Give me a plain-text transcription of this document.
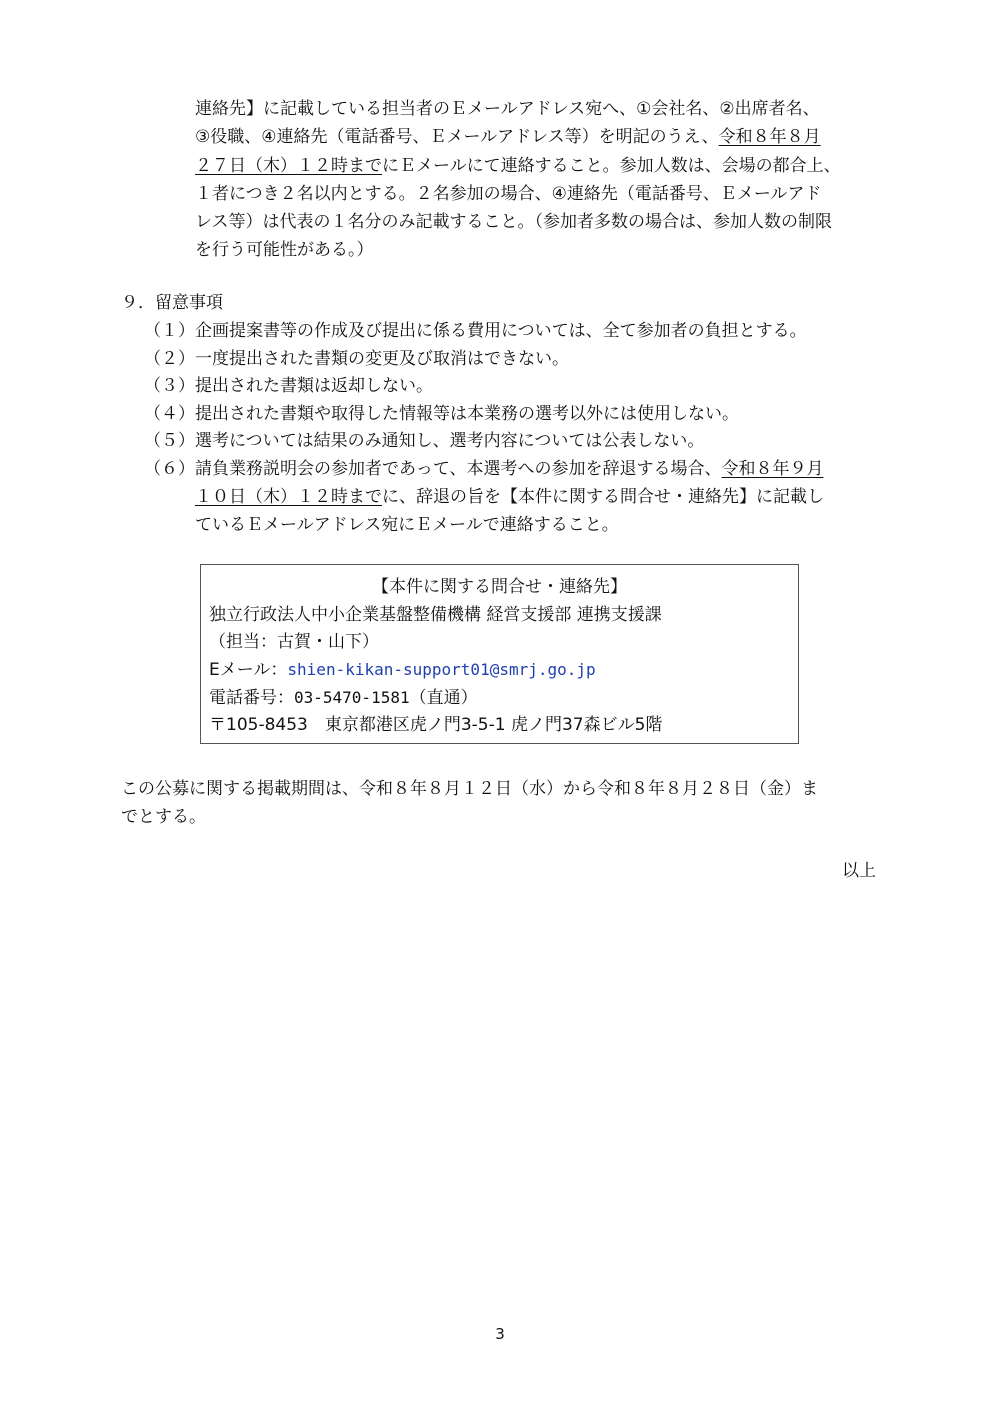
連絡先】に記載している担当者のＥメールアドレス宛へ、①会社名、②出席者名、
③役職、④連絡先（電話番号、Ｅメールアドレス等）を明記のうえ、令和８年８月
２７日（木）１２時までにＥメールにて連絡すること。参加人数は、会場の都合上、
１者につき２名以内とする。２名参加の場合、④連絡先（電話番号、Ｅメールアド
レス等）は代表の１名分のみ記載すること。（参加者多数の場合は、参加人数の制限
を行う可能性がある。）
９．留意事項
（１）企画提案書等の作成及び提出に係る費用については、全て参加者の負担とする。
（２）一度提出された書類の変更及び取消はできない。
（３）提出された書類は返却しない。
（４）提出された書類や取得した情報等は本業務の選考以外には使用しない。
（５）選考については結果のみ通知し、選考内容については公表しない。
（６）請負業務説明会の参加者であって、本選考への参加を辞退する場合、令和８年９月
１０日（木）１２時までに、辞退の旨を【本件に関する問合せ・連絡先】に記載し
ているＥメールアドレス宛にＥメールで連絡すること。
【本件に関する問合せ・連絡先】
独立行政法人中小企業基盤整備機構 経営支援部 連携支援課
（担当：古賀・山下）
Eメール：shien-kikan-support01@smrj.go.jp
電話番号：03-5470-1581（直通）
〒105-8453　東京都港区虎ノ門3-5-1 虎ノ門37森ビル5階
この公募に関する掲載期間は、令和８年８月１２日（水）から令和８年８月２８日（金）ま
でとする。
以上
3
